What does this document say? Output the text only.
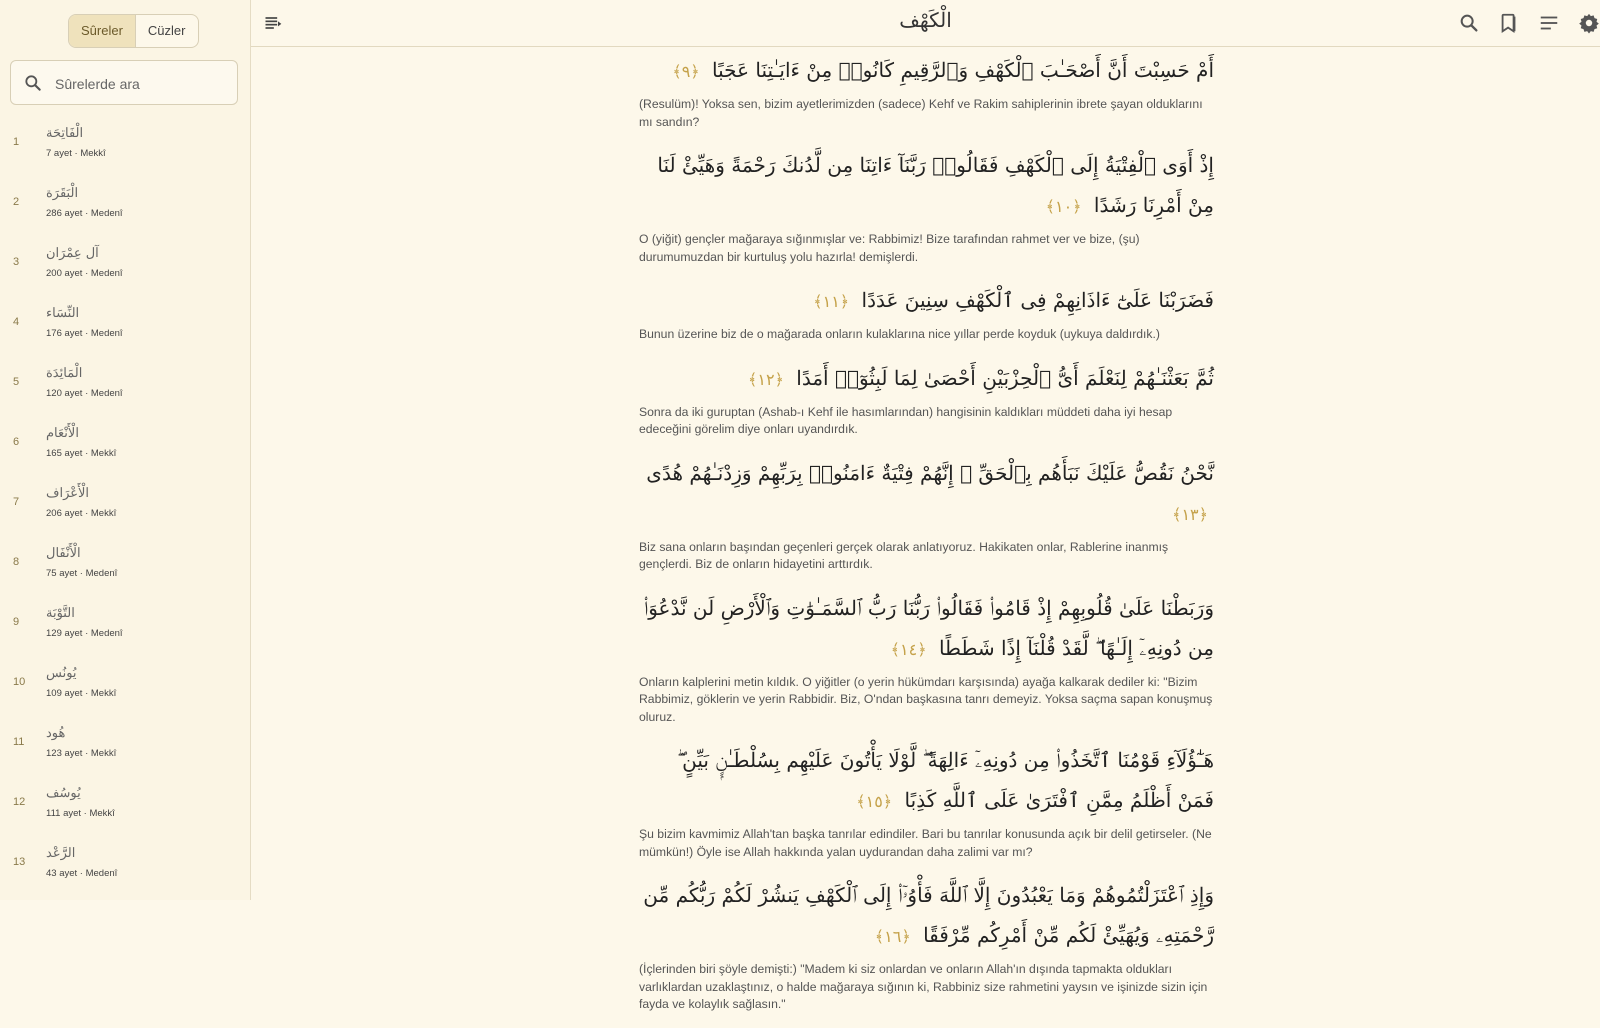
Sûreler	Cüzler
Sûrelerde ara
1
الْفَاتِحَة
7 ayet · Mekkî
2
الْبَقَرَة
286 ayet · Medenî
3
آل عِمْرَان
200 ayet · Medenî
4
النِّسَاء
176 ayet · Medenî
5
الْمَائِدَة
120 ayet · Medenî
6
الْأَنْعَام
165 ayet · Mekkî
7
الْأَعْرَاف
206 ayet · Mekkî
8
الْأَنْفَال
75 ayet · Medenî
9
التَّوْبَة
129 ayet · Medenî
10
يُونُس
109 ayet · Mekkî
11
هُود
123 ayet · Mekkî
12
يُوسُف
111 ayet · Mekkî
13
الرَّعْد
43 ayet · Medenî
الْكَهْف
أَمْ حَسِبْتَ أَنَّ أَصْحَـٰبَ ٱلْكَهْفِ وَٱلرَّقِيمِ كَانُوا۟ مِنْ ءَايَـٰتِنَا عَجَبًا ﴿٩﴾
(Resulüm)! Yoksa sen, bizim ayetlerimizden (sadece) Kehf ve Rakim sahiplerinin ibrete şayan olduklarını mı sandın?
إِذْ أَوَى ٱلْفِتْيَةُ إِلَى ٱلْكَهْفِ فَقَالُوا۟ رَبَّنَآ ءَاتِنَا مِن لَّدُنكَ رَحْمَةً وَهَيِّئْ لَنَا مِنْ أَمْرِنَا رَشَدًا ﴿١٠﴾
O (yiğit) gençler mağaraya sığınmışlar ve: Rabbimiz! Bize tarafından rahmet ver ve bize, (şu) durumumuzdan bir kurtuluş yolu hazırla! demişlerdi.
فَضَرَبْنَا عَلَىٰٓ ءَاذَانِهِمْ فِى ٱلْكَهْفِ سِنِينَ عَدَدًا ﴿١١﴾
Bunun üzerine biz de o mağarada onların kulaklarına nice yıllar perde koyduk (uykuya daldırdık.)
ثُمَّ بَعَثْنَـٰهُمْ لِنَعْلَمَ أَىُّ ٱلْحِزْبَيْنِ أَحْصَىٰ لِمَا لَبِثُوٓا۟ أَمَدًا ﴿١٢﴾
Sonra da iki guruptan (Ashab-ı Kehf ile hasımlarından) hangisinin kaldıkları müddeti daha iyi hesap edeceğini görelim diye onları uyandırdık.
نَّحْنُ نَقُصُّ عَلَيْكَ نَبَأَهُم بِٱلْحَقِّ ۚ إِنَّهُمْ فِتْيَةٌ ءَامَنُوا۟ بِرَبِّهِمْ وَزِدْنَـٰهُمْ هُدًى ﴿١٣﴾
Biz sana onların başından geçenleri gerçek olarak anlatıyoruz. Hakikaten onlar, Rablerine inanmış gençlerdi. Biz de onların hidayetini arttırdık.
وَرَبَطْنَا عَلَىٰ قُلُوبِهِمْ إِذْ قَامُوا۟ فَقَالُوا۟ رَبُّنَا رَبُّ ٱلسَّمَـٰوَٰتِ وَٱلْأَرْضِ لَن نَّدْعُوَا۟ مِن دُونِهِۦٓ إِلَـٰهًا ۖ لَّقَدْ قُلْنَآ إِذًا شَطَطًا ﴿١٤﴾
Onların kalplerini metin kıldık. O yiğitler (o yerin hükümdarı karşısında) ayağa kalkarak dediler ki: "Bizim Rabbimiz, göklerin ve yerin Rabbidir. Biz, O'ndan başkasına tanrı demeyiz. Yoksa saçma sapan konuşmuş oluruz.
هَـٰٓؤُلَآءِ قَوْمُنَا ٱتَّخَذُوا۟ مِن دُونِهِۦٓ ءَالِهَةً ۖ لَّوْلَا يَأْتُونَ عَلَيْهِم بِسُلْطَـٰنٍۭ بَيِّنٍ ۖ فَمَنْ أَظْلَمُ مِمَّنِ ٱفْتَرَىٰ عَلَى ٱللَّهِ كَذِبًا ﴿١٥﴾
Şu bizim kavmimiz Allah'tan başka tanrılar edindiler. Bari bu tanrılar konusunda açık bir delil getirseler. (Ne mümkün!) Öyle ise Allah hakkında yalan uydurandan daha zalimi var mı?
وَإِذِ ٱعْتَزَلْتُمُوهُمْ وَمَا يَعْبُدُونَ إِلَّا ٱللَّهَ فَأْوُۥٓا۟ إِلَى ٱلْكَهْفِ يَنشُرْ لَكُمْ رَبُّكُم مِّن رَّحْمَتِهِۦ وَيُهَيِّئْ لَكُم مِّنْ أَمْرِكُم مِّرْفَقًا ﴿١٦﴾
(İçlerinden biri şöyle demişti:) "Madem ki siz onlardan ve onların Allah'ın dışında tapmakta oldukları varlıklardan uzaklaştınız, o halde mağaraya sığının ki, Rabbiniz size rahmetini yaysın ve işinizde sizin için fayda ve kolaylık sağlasın."
